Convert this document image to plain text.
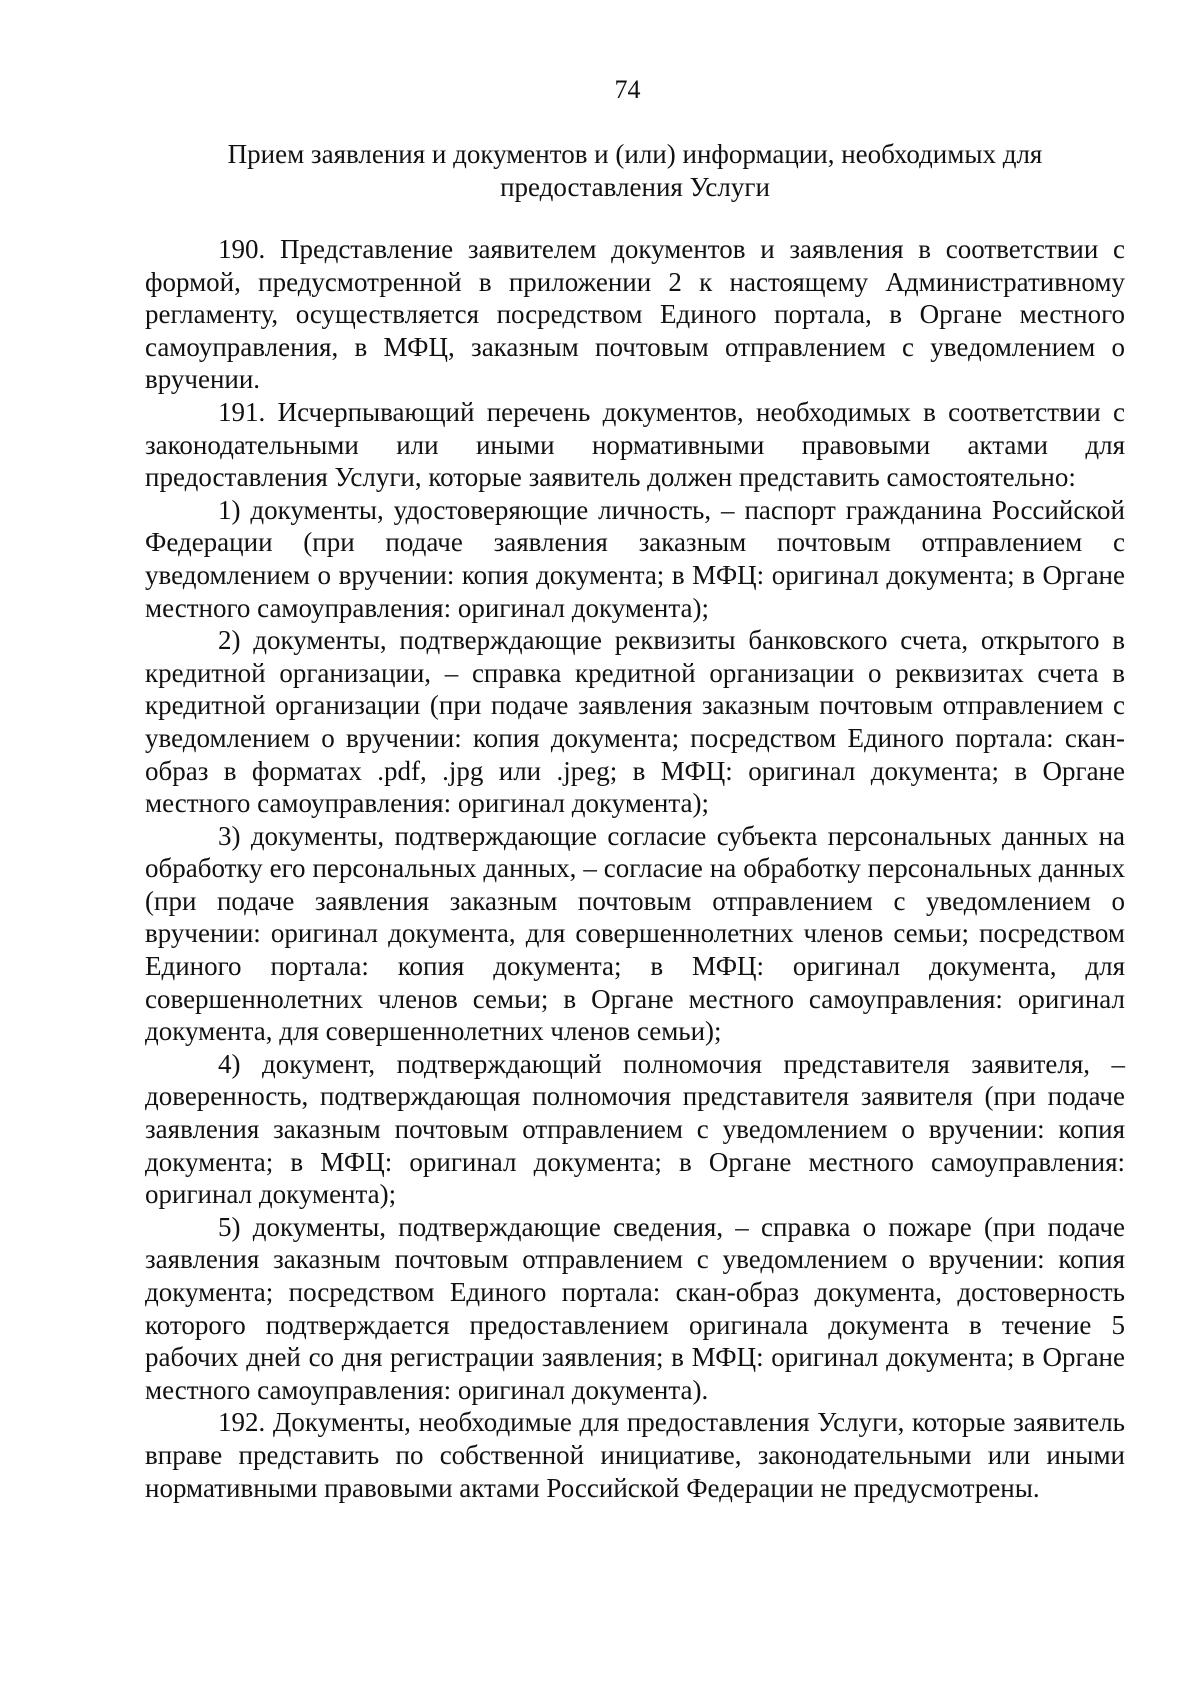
74
Прием заявления и документов и (или) информации, необходимых для
предоставления Услуги

190. Представление заявителем документов и заявления в соответствии с формой, предусмотренной в приложении 2 к настоящему Административному регламенту, осуществляется посредством Единого портала, в Органе местного самоуправления, в МФЦ, заказным почтовым отправлением с уведомлением о вручении.

191. Исчерпывающий перечень документов, необходимых в соответствии с законодательными или иными нормативными правовыми актами для предоставления Услуги, которые заявитель должен представить самостоятельно:

1) документы, удостоверяющие личность, – паспорт гражданина Российской Федерации (при подаче заявления заказным почтовым отправлением с уведомлением о вручении: копия документа; в МФЦ: оригинал документа; в Органе местного самоуправления: оригинал документа);

2) документы, подтверждающие реквизиты банковского счета, открытого в кредитной организации, – справка кредитной организации о реквизитах счета в кредитной организации (при подаче заявления заказным почтовым отправлением с уведомлением о вручении: копия документа; посредством Единого портала: скан-образ в форматах .pdf, .jpg или .jpeg; в МФЦ: оригинал документа; в Органе местного самоуправления: оригинал документа);

3) документы, подтверждающие согласие субъекта персональных данных на обработку его персональных данных, – согласие на обработку персональных данных (при подаче заявления заказным почтовым отправлением с уведомлением о вручении: оригинал документа, для совершеннолетних членов семьи; посредством Единого портала: копия документа; в МФЦ: оригинал документа, для совершеннолетних членов семьи; в Органе местного самоуправления: оригинал документа, для совершеннолетних членов семьи);

4) документ, подтверждающий полномочия представителя заявителя, – доверенность, подтверждающая полномочия представителя заявителя (при подаче заявления заказным почтовым отправлением с уведомлением о вручении: копия документа; в МФЦ: оригинал документа; в Органе местного самоуправления: оригинал документа);

5) документы, подтверждающие сведения, – справка о пожаре (при подаче заявления заказным почтовым отправлением с уведомлением о вручении: копия документа; посредством Единого портала: скан-образ документа, достоверность которого подтверждается предоставлением оригинала документа в течение 5 рабочих дней со дня регистрации заявления; в МФЦ: оригинал документа; в Органе местного самоуправления: оригинал документа).

192. Документы, необходимые для предоставления Услуги, которые заявитель вправе представить по собственной инициативе, законодательными или иными нормативными правовыми актами Российской Федерации не предусмотрены.
